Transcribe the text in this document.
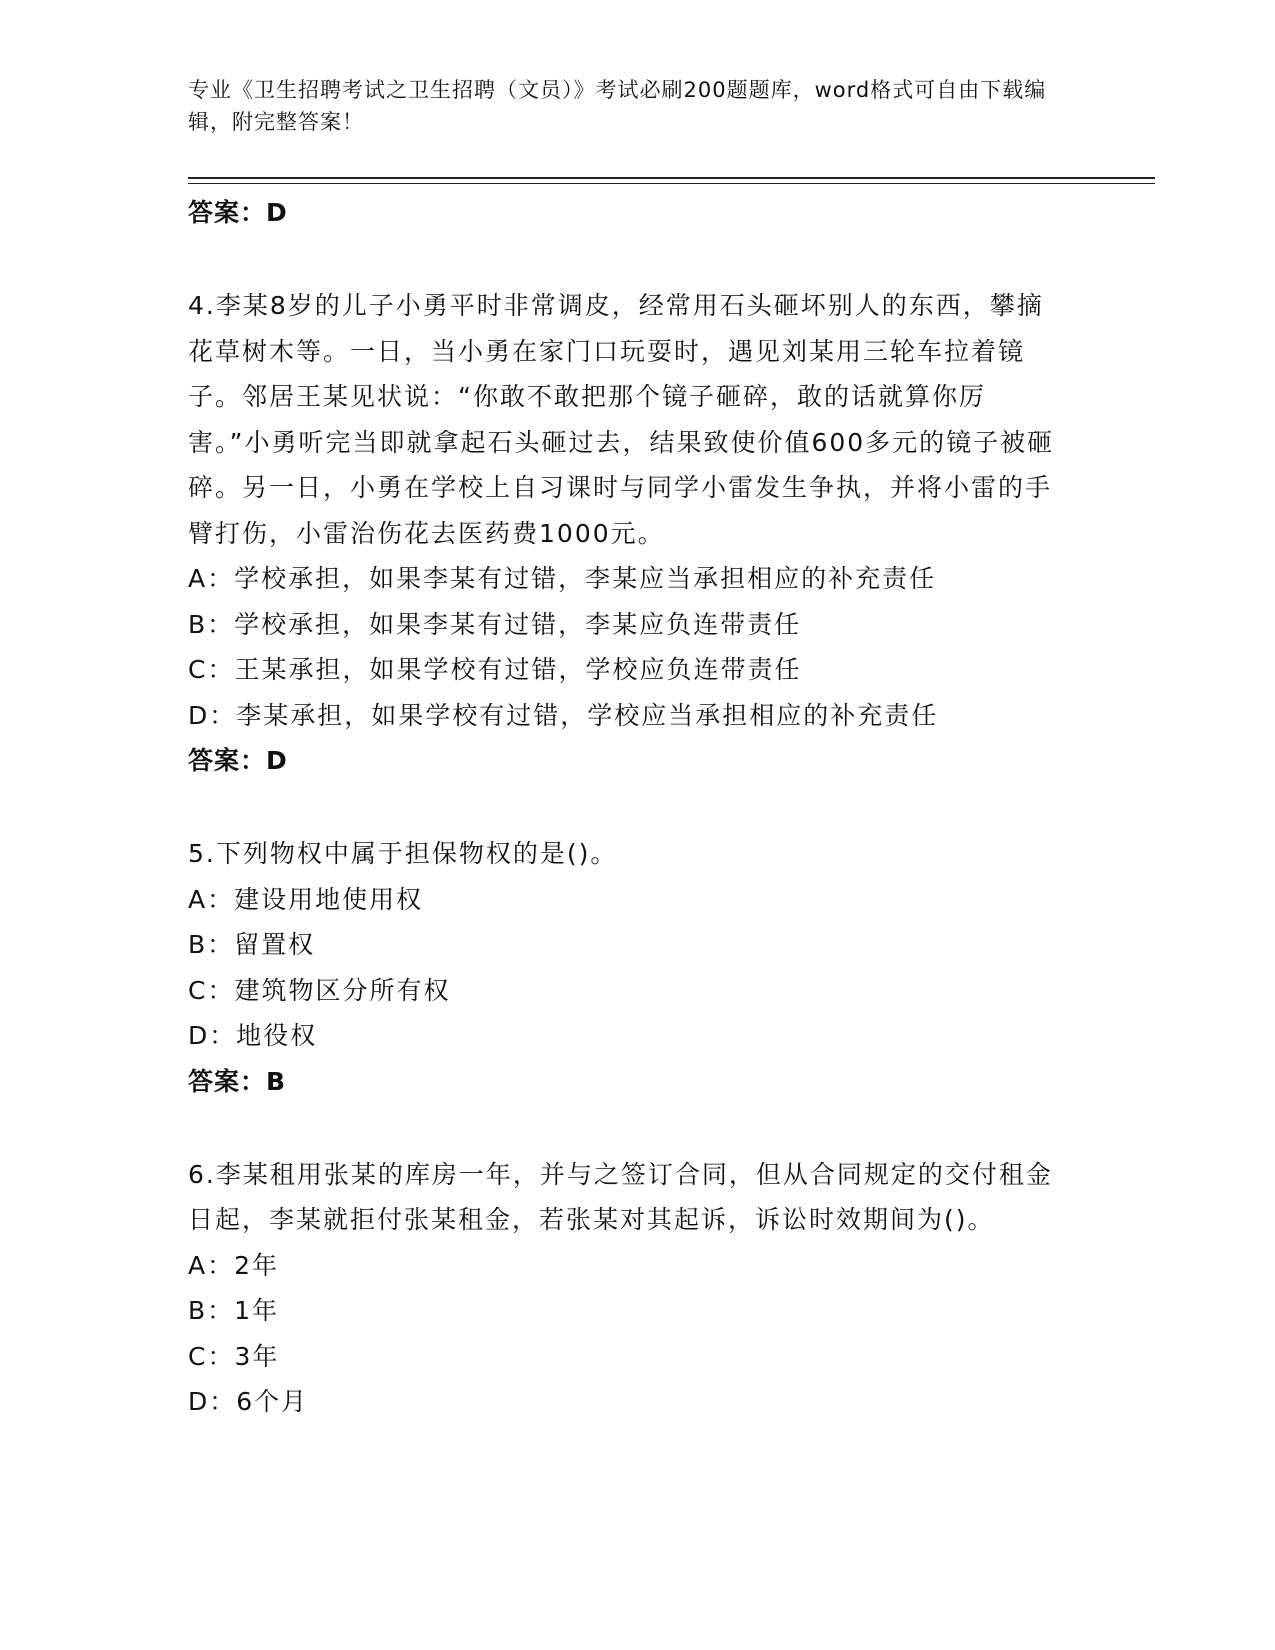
专业《卫生招聘考试之卫生招聘（文员）》考试必刷200题题库，word格式可自由下载编辑，附完整答案！
答案：D
4.李某8岁的儿子小勇平时非常调皮，经常用石头砸坏别人的东西，攀摘花草树木等。一日，当小勇在家门口玩耍时，遇见刘某用三轮车拉着镜子。邻居王某见状说：“你敢不敢把那个镜子砸碎，敢的话就算你厉害。”小勇听完当即就拿起石头砸过去，结果致使价值600多元的镜子被砸碎。另一日，小勇在学校上自习课时与同学小雷发生争执，并将小雷的手臂打伤，小雷治伤花去医药费1000元。
A：学校承担，如果李某有过错，李某应当承担相应的补充责任
B：学校承担，如果李某有过错，李某应负连带责任
C：王某承担，如果学校有过错，学校应负连带责任
D：李某承担，如果学校有过错，学校应当承担相应的补充责任
答案：D
5.下列物权中属于担保物权的是()。
A：建设用地使用权
B：留置权
C：建筑物区分所有权
D：地役权
答案：B
6.李某租用张某的库房一年，并与之签订合同，但从合同规定的交付租金日起，李某就拒付张某租金，若张某对其起诉，诉讼时效期间为()。
A：2年
B：1年
C：3年
D：6个月
